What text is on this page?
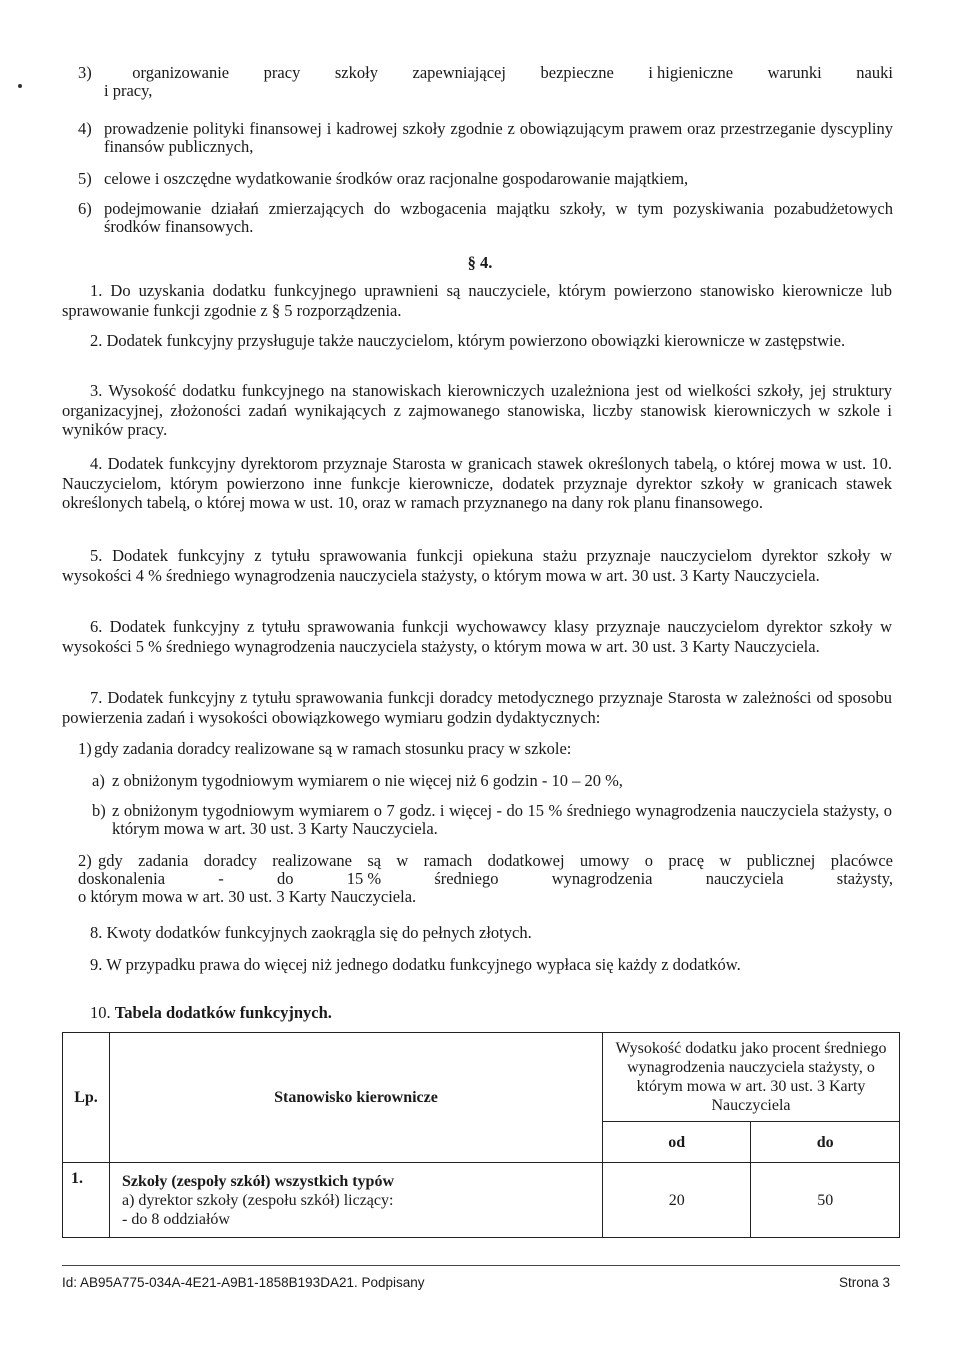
3) organizowanie pracy szkoły zapewniającej bezpieczne i higieniczne warunki nauki
i pracy,
4) prowadzenie polityki finansowej i kadrowej szkoły zgodnie z obowiązującym prawem oraz przestrzeganie dyscypliny finansów publicznych,
5) celowe i oszczędne wydatkowanie środków oraz racjonalne gospodarowanie majątkiem,
6) podejmowanie działań zmierzających do wzbogacenia majątku szkoły, w tym pozyskiwania pozabudżetowych środków finansowych.
§ 4.
1. Do uzyskania dodatku funkcyjnego uprawnieni są nauczyciele, którym powierzono stanowisko kierownicze lub sprawowanie funkcji zgodnie z § 5 rozporządzenia.
2. Dodatek funkcyjny przysługuje także nauczycielom, którym powierzono obowiązki kierownicze w zastępstwie.
3. Wysokość dodatku funkcyjnego na stanowiskach kierowniczych uzależniona jest od wielkości szkoły, jej struktury organizacyjnej, złożoności zadań wynikających z zajmowanego stanowiska, liczby stanowisk kierowniczych w szkole i wyników pracy.
4. Dodatek funkcyjny dyrektorom przyznaje Starosta w granicach stawek określonych tabelą, o której mowa w ust. 10. Nauczycielom, którym powierzono inne funkcje kierownicze, dodatek przyznaje dyrektor szkoły w granicach stawek określonych tabelą, o której mowa w ust. 10, oraz w ramach przyznanego na dany rok planu finansowego.
5. Dodatek funkcyjny z tytułu sprawowania funkcji opiekuna stażu przyznaje nauczycielom dyrektor szkoły w wysokości 4 % średniego wynagrodzenia nauczyciela stażysty, o którym mowa w art. 30 ust. 3 Karty Nauczyciela.
6. Dodatek funkcyjny z tytułu sprawowania funkcji wychowawcy klasy przyznaje nauczycielom dyrektor szkoły w wysokości 5 % średniego wynagrodzenia nauczyciela stażysty, o którym mowa w art. 30 ust. 3 Karty Nauczyciela.
7. Dodatek funkcyjny z tytułu sprawowania funkcji doradcy metodycznego przyznaje Starosta w zależności od sposobu powierzenia zadań i wysokości obowiązkowego wymiaru godzin dydaktycznych:
1) gdy zadania doradcy realizowane są w ramach stosunku pracy w szkole:
a) z obniżonym tygodniowym wymiarem o nie więcej niż 6 godzin - 10 – 20 %,
b) z obniżonym tygodniowym wymiarem o 7 godz. i więcej - do 15 % średniego wynagrodzenia nauczyciela stażysty, o którym mowa w art. 30 ust. 3 Karty Nauczyciela.
2) gdy zadania doradcy realizowane są w ramach dodatkowej umowy o pracę w publicznej placówce
doskonalenia	-	do	15 %	średniego	wynagrodzenia	nauczyciela	stażysty,
o którym mowa w art. 30 ust. 3 Karty Nauczyciela.
8. Kwoty dodatków funkcyjnych zaokrągla się do pełnych złotych.
9. W przypadku prawa do więcej niż jednego dodatku funkcyjnego wypłaca się każdy z dodatków.
10. Tabela dodatków funkcyjnych.
Lp.	Stanowisko kierownicze	Wysokość dodatku jako procent średniego wynagrodzenia nauczyciela stażysty, o którym mowa w art. 30 ust. 3 Karty Nauczyciela	
		od	do
1.	Szkoły (zespoły szkół) wszystkich typów
a) dyrektor szkoły (zespołu szkół) liczący:
- do 8 oddziałów	20	50
Id: AB95A775-034A-4E21-A9B1-1858B193DA21. Podpisany	Strona 3
